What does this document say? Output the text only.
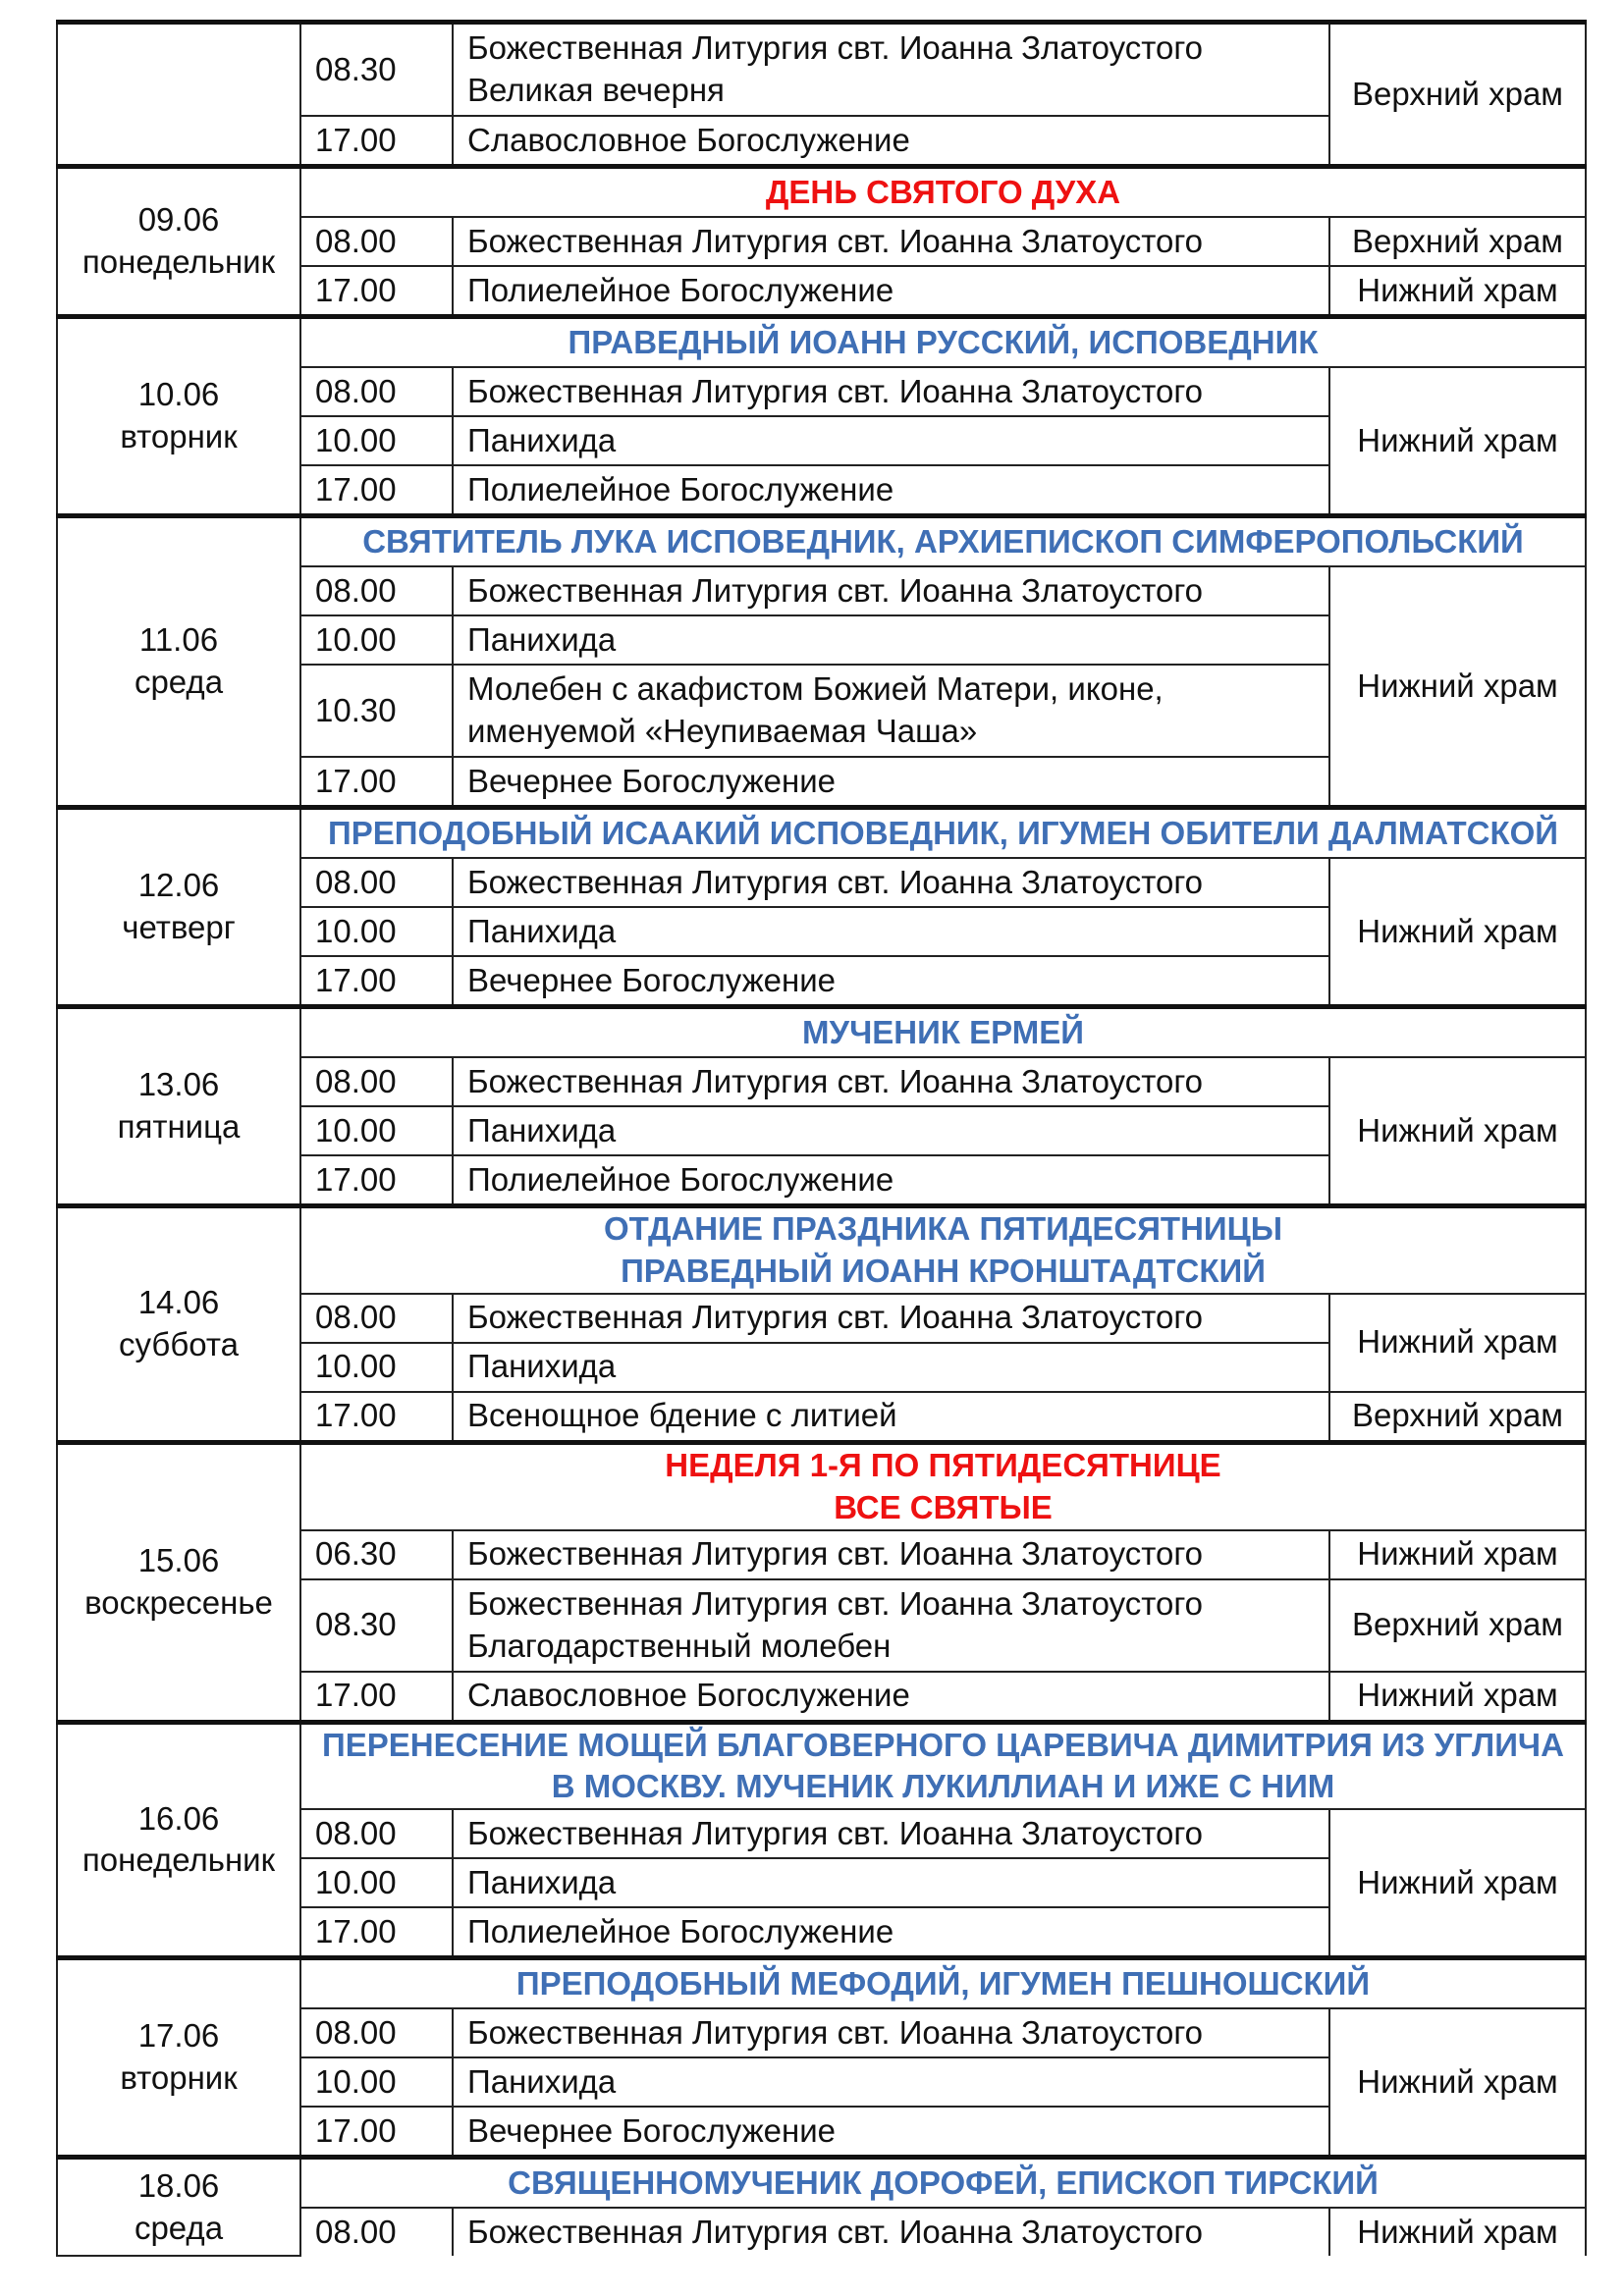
	08.30	Божественная Литургия свт. Иоанна Златоустого
Великая вечерня	Верхний храм
	17.00	Славословное Богослужение	

09.06
понедельник	ДЕНЬ СВЯТОГО ДУХА		

	08.00	Божественная Литургия свт. Иоанна Златоустого	Верхний храм
	17.00	Полиелейное Богослужение	Нижний храм

10.06
вторник	ПРАВЕДНЫЙ ИОАНН РУССКИЙ, ИСПОВЕДНИК		

	08.00	Божественная Литургия свт. Иоанна Златоустого	Нижний храм
	10.00	Панихида	

	17.00	Полиелейное Богослужение	

11.06
среда	СВЯТИТЕЛЬ ЛУКА ИСПОВЕДНИК, АРХИЕПИСКОП СИМФЕРОПОЛЬСКИЙ		

	08.00	Божественная Литургия свт. Иоанна Златоустого	Нижний храм
	10.00	Панихида	

	10.30	Молебен с акафистом Божией Матери, иконе,
именуемой «Неупиваемая Чаша»	

	17.00	Вечернее Богослужение	

12.06
четверг	ПРЕПОДОБНЫЙ ИСААКИЙ ИСПОВЕДНИК, ИГУМЕН ОБИТЕЛИ ДАЛМАТСКОЙ		

	08.00	Божественная Литургия свт. Иоанна Златоустого	Нижний храм
	10.00	Панихида	

	17.00	Вечернее Богослужение	

13.06
пятница	МУЧЕНИК ЕРМЕЙ		

	08.00	Божественная Литургия свт. Иоанна Златоустого	Нижний храм
	10.00	Панихида	

	17.00	Полиелейное Богослужение	

14.06
суббота	ОТДАНИЕ ПРАЗДНИКА ПЯТИДЕСЯТНИЦЫ
ПРАВЕДНЫЙ ИОАНН КРОНШТАДТСКИЙ		

	08.00	Божественная Литургия свт. Иоанна Златоустого	Нижний храм
	10.00	Панихида	

	17.00	Всенощное бдение с литией	Верхний храм

15.06
воскресенье	НЕДЕЛЯ 1-Я ПО ПЯТИДЕСЯТНИЦЕ
ВСЕ СВЯТЫЕ		

	06.30	Божественная Литургия свт. Иоанна Златоустого	Нижний храм
	08.30	Божественная Литургия свт. Иоанна Златоустого
Благодарственный молебен	Верхний храм
	17.00	Славословное Богослужение	Нижний храм

16.06
понедельник	ПЕРЕНЕСЕНИЕ МОЩЕЙ БЛАГОВЕРНОГО ЦАРЕВИЧА ДИМИТРИЯ ИЗ УГЛИЧА
В МОСКВУ. МУЧЕНИК ЛУКИЛЛИАН И ИЖЕ С НИМ		

	08.00	Божественная Литургия свт. Иоанна Златоустого	Нижний храм
	10.00	Панихида	

	17.00	Полиелейное Богослужение	

17.06
вторник	ПРЕПОДОБНЫЙ МЕФОДИЙ, ИГУМЕН ПЕШНОШСКИЙ		

	08.00	Божественная Литургия свт. Иоанна Златоустого	Нижний храм
	10.00	Панихида	

	17.00	Вечернее Богослужение	

18.06
среда	СВЯЩЕННОМУЧЕНИК ДОРОФЕЙ, ЕПИСКОП ТИРСКИЙ		

	08.00	Божественная Литургия свт. Иоанна Златоустого	Нижний храм
